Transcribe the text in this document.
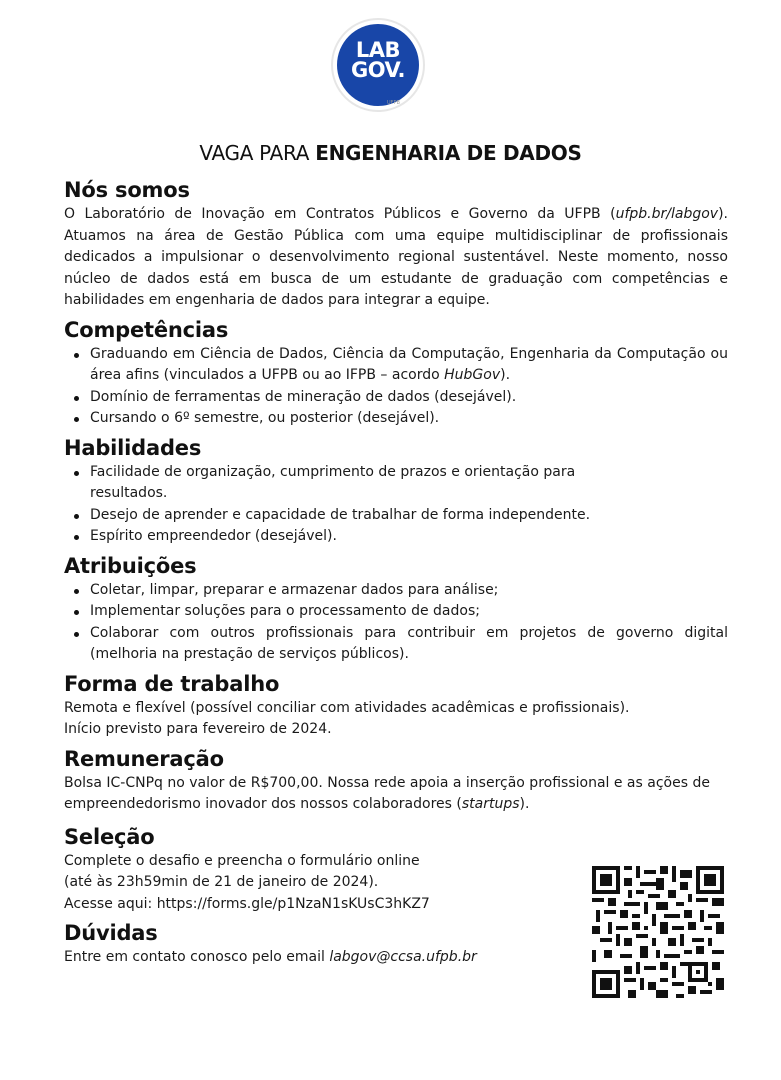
LAB
GOV.
UFPB
VAGA PARA ENGENHARIA DE DADOS
Nós somos

O Laboratório de Inovação em Contratos Públicos e Governo da UFPB (ufpb.br/labgov). Atuamos na área de Gestão Pública com uma equipe multidisciplinar de profissionais dedicados a impulsionar o desenvolvimento regional sustentável. Neste momento, nosso núcleo de dados está em busca de um estudante de graduação com competências e habilidades em engenharia de dados para integrar a equipe.

Competências
Graduando em Ciência de Dados, Ciência da Computação, Engenharia da Computação ou área afins (vinculados a UFPB ou ao IFPB – acordo HubGov).
Domínio de ferramentas de mineração de dados (desejável).
Cursando o 6º semestre, ou posterior (desejável).
Habilidades
Facilidade de organização, cumprimento de prazos e orientação para resultados.
Desejo de aprender e capacidade de trabalhar de forma independente.
Espírito empreendedor (desejável).
Atribuições
Coletar, limpar, preparar e armazenar dados para análise;
Implementar soluções para o processamento de dados;
Colaborar com outros profissionais para contribuir em projetos de governo digital (melhoria na prestação de serviços públicos).
Forma de trabalho

Remota e flexível (possível conciliar com atividades acadêmicas e profissionais).

Início previsto para fevereiro de 2024.

Remuneração

Bolsa IC-CNPq no valor de R$700,00. Nossa rede apoia a inserção profissional e as ações de empreendedorismo inovador dos nossos colaboradores (startups).

Seleção

Complete o desafio e preencha o formulário online

(até às 23h59min de 21 de janeiro de 2024).

Acesse aqui: https://forms.gle/p1NzaN1sKUsC3hKZ7

Dúvidas

Entre em contato conosco pelo email labgov@ccsa.ufpb.br
